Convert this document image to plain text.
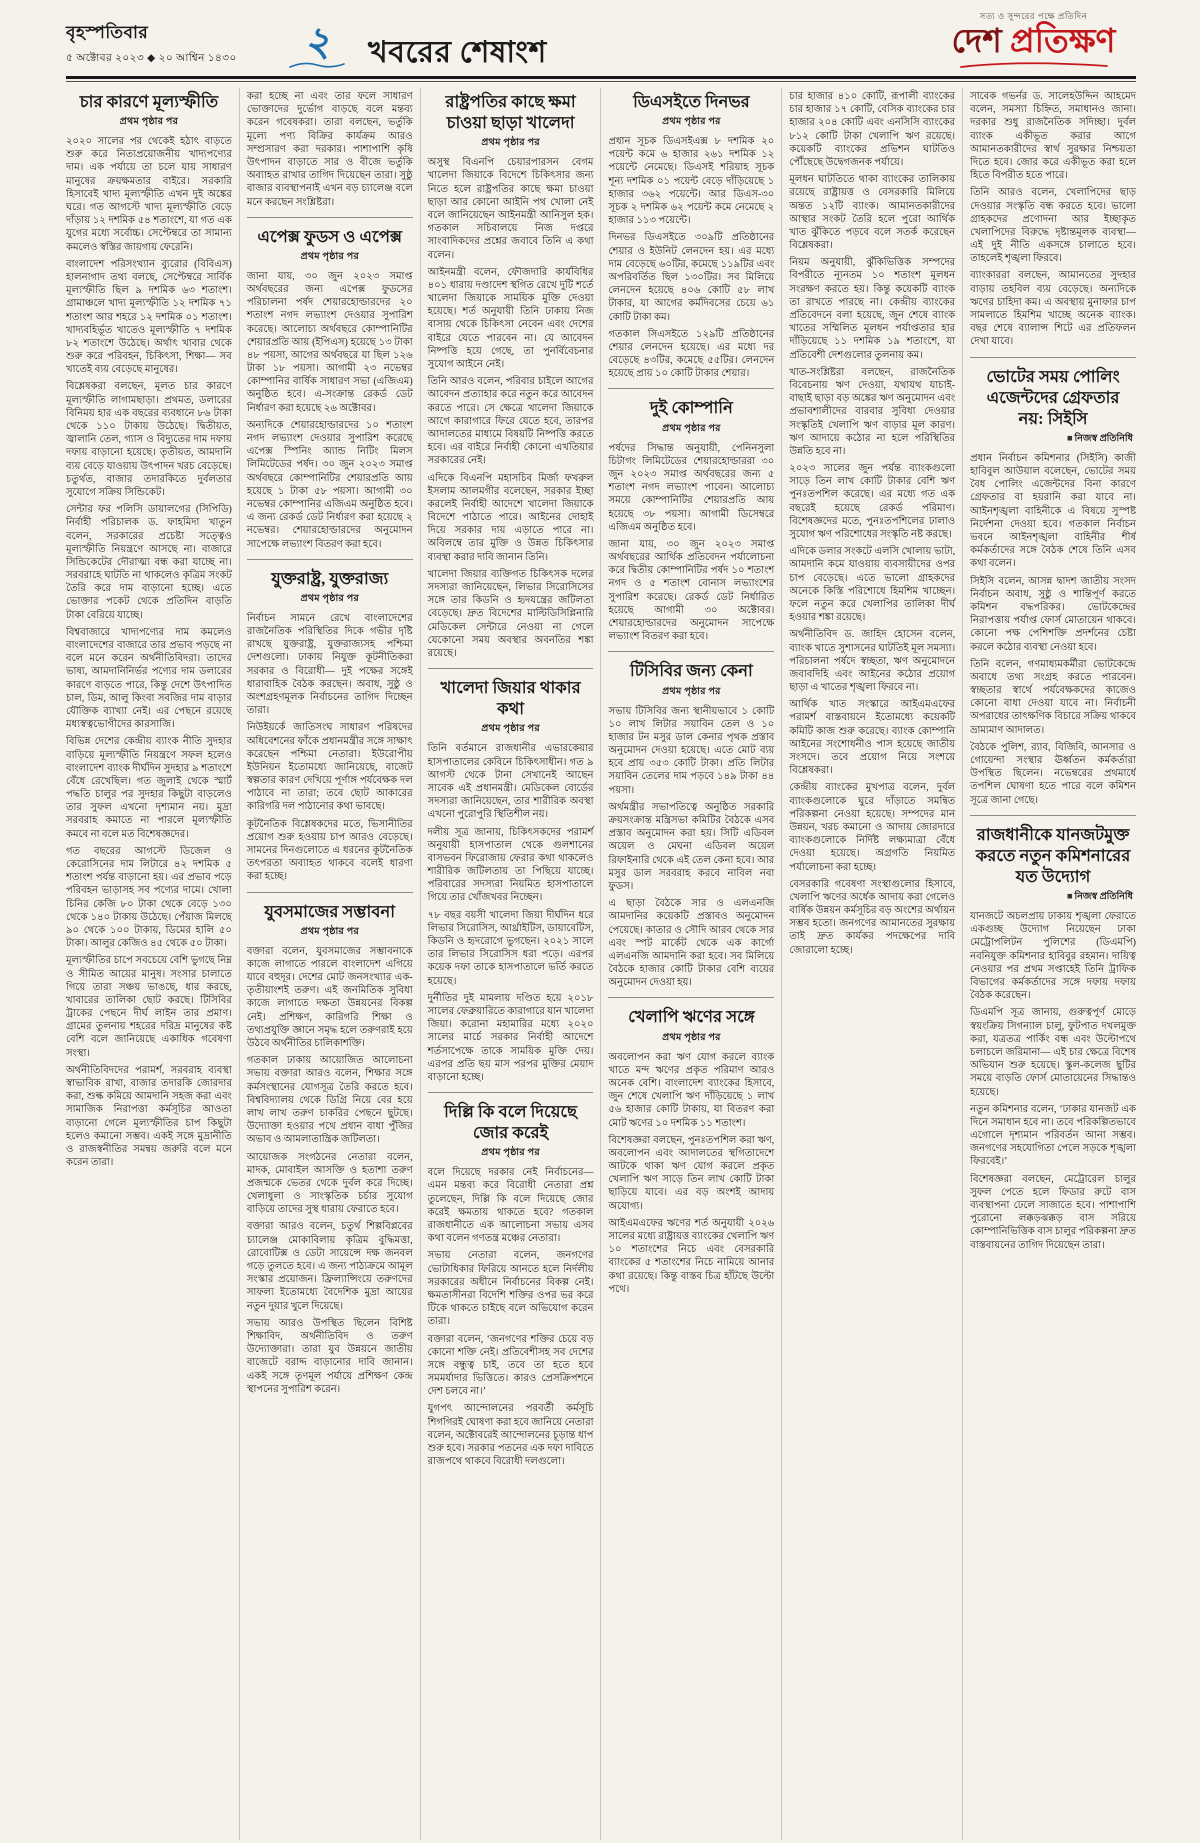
বৃহস্পতিবার
৫ অক্টোবর ২০২৩ ◆ ২০ আশ্বিন ১৪৩০	২	খবরের শেষাংশ
সত্য ও সুন্দরের পক্ষে প্রতিদিন
দেশ প্রতিক্ষণ
চার কারণে মূল্যস্ফীতি
প্রথম পৃষ্ঠার পর

২০২০ সালের পর থেকেই হঠাৎ বাড়তে শুরু করে নিত্যপ্রয়োজনীয় খাদ্যপণ্যের দাম। এক পর্যায়ে তা চলে যায় সাধারণ মানুষের ক্রয়ক্ষমতার বাইরে। সরকারি হিসাবেই খাদ্য মূল্যস্ফীতি এখন দুই অঙ্কের ঘরে। গত আগস্টে খাদ্য মূল্যস্ফীতি বেড়ে দাঁড়ায় ১২ দশমিক ৫৪ শতাংশে, যা গত এক যুগের মধ্যে সর্বোচ্চ। সেপ্টেম্বরে তা সামান্য কমলেও স্বস্তির জায়গায় ফেরেনি।

বাংলাদেশ পরিসংখ্যান ব্যুরোর (বিবিএস) হালনাগাদ তথ্য বলছে, সেপ্টেম্বরে সার্বিক মূল্যস্ফীতি ছিল ৯ দশমিক ৬৩ শতাংশ। গ্রামাঞ্চলে খাদ্য মূল্যস্ফীতি ১২ দশমিক ৭১ শতাংশ আর শহরে ১২ দশমিক ০১ শতাংশ। খাদ্যবহির্ভূত খাতেও মূল্যস্ফীতি ৭ দশমিক ৮২ শতাংশে উঠেছে। অর্থাৎ খাবার থেকে শুরু করে পরিবহন, চিকিৎসা, শিক্ষা— সব খাতেই ব্যয় বেড়েছে মানুষের।

বিশ্লেষকরা বলছেন, মূলত চার কারণে মূল্যস্ফীতি লাগামছাড়া। প্রথমত, ডলারের বিনিময় হার এক বছরের ব্যবধানে ৮৬ টাকা থেকে ১১০ টাকায় উঠেছে। দ্বিতীয়ত, জ্বালানি তেল, গ্যাস ও বিদ্যুতের দাম দফায় দফায় বাড়ানো হয়েছে। তৃতীয়ত, আমদানি ব্যয় বেড়ে যাওয়ায় উৎপাদন খরচ বেড়েছে। চতুর্থত, বাজার তদারকিতে দুর্বলতার সুযোগে সক্রিয় সিন্ডিকেট।

সেন্টার ফর পলিসি ডায়ালগের (সিপিডি) নির্বাহী পরিচালক ড. ফাহমিদা খাতুন বলেন, সরকারের প্রচেষ্টা সত্ত্বেও মূল্যস্ফীতি নিয়ন্ত্রণে আসছে না। বাজারে সিন্ডিকেটের দৌরাত্ম্য বন্ধ করা যাচ্ছে না। সরবরাহে ঘাটতি না থাকলেও কৃত্রিম সংকট তৈরি করে দাম বাড়ানো হচ্ছে। এতে ভোক্তার পকেট থেকে প্রতিদিন বাড়তি টাকা বেরিয়ে যাচ্ছে।

বিশ্ববাজারে খাদ্যপণ্যের দাম কমলেও বাংলাদেশের বাজারে তার প্রভাব পড়ছে না বলে মনে করেন অর্থনীতিবিদরা। তাদের ভাষ্য, আমদানিনির্ভর পণ্যের দাম ডলারের কারণে বাড়তে পারে, কিন্তু দেশে উৎপাদিত চাল, ডিম, আলু কিংবা সবজির দাম বাড়ার যৌক্তিক ব্যাখ্যা নেই। এর পেছনে রয়েছে মধ্যস্বত্বভোগীদের কারসাজি।

বিভিন্ন দেশের কেন্দ্রীয় ব্যাংক নীতি সুদহার বাড়িয়ে মূল্যস্ফীতি নিয়ন্ত্রণে সফল হলেও বাংলাদেশ ব্যাংক দীর্ঘদিন সুদহার ৯ শতাংশে বেঁধে রেখেছিল। গত জুলাই থেকে স্মার্ট পদ্ধতি চালুর পর সুদহার কিছুটা বাড়লেও তার সুফল এখনো দৃশ্যমান নয়। মুদ্রা সরবরাহ কমাতে না পারলে মূল্যস্ফীতি কমবে না বলে মত বিশেষজ্ঞদের।

গত বছরের আগস্টে ডিজেল ও কেরোসিনের দাম লিটারে ৪২ দশমিক ৫ শতাংশ পর্যন্ত বাড়ানো হয়। এর প্রভাব পড়ে পরিবহন ভাড়াসহ সব পণ্যের দামে। খোলা চিনির কেজি ৮০ টাকা থেকে বেড়ে ১৩০ থেকে ১৪০ টাকায় উঠেছে। পেঁয়াজ মিলছে ৯০ থেকে ১০০ টাকায়, ডিমের হালি ৫০ টাকা। আলুর কেজিও ৪৫ থেকে ৫০ টাকা।

মূল্যস্ফীতির চাপে সবচেয়ে বেশি ভুগছে নিম্ন ও সীমিত আয়ের মানুষ। সংসার চালাতে গিয়ে তারা সঞ্চয় ভাঙছে, ধার করছে, খাবারের তালিকা ছোট করছে। টিসিবির ট্রাকের পেছনে দীর্ঘ লাইন তার প্রমাণ। গ্রামের তুলনায় শহরের দরিদ্র মানুষের কষ্ট বেশি বলে জানিয়েছে একাধিক গবেষণা সংস্থা।

অর্থনীতিবিদদের পরামর্শ, সরবরাহ ব্যবস্থা স্বাভাবিক রাখা, বাজার তদারকি জোরদার করা, শুল্ক কমিয়ে আমদানি সহজ করা এবং সামাজিক নিরাপত্তা কর্মসূচির আওতা বাড়ানো গেলে মূল্যস্ফীতির চাপ কিছুটা হলেও কমানো সম্ভব। একই সঙ্গে মুদ্রানীতি ও রাজস্বনীতির সমন্বয় জরুরি বলে মনে করেন তারা।

করা হচ্ছে না এবং তার ফলে সাধারণ ভোক্তাদের দুর্ভোগ বাড়ছে বলে মন্তব্য করেন গবেষকরা। তারা বলছেন, ভর্তুকি মূল্যে পণ্য বিক্রির কার্যক্রম আরও সম্প্রসারণ করা দরকার। পাশাপাশি কৃষি উৎপাদন বাড়াতে সার ও বীজে ভর্তুকি অব্যাহত রাখার তাগিদ দিয়েছেন তারা। সুষ্ঠু বাজার ব্যবস্থাপনাই এখন বড় চ্যালেঞ্জ বলে মনে করছেন সংশ্লিষ্টরা।

এপেক্স ফুডস ও এপেক্স
প্রথম পৃষ্ঠার পর

জানা যায়, ৩০ জুন ২০২৩ সমাপ্ত অর্থবছরের জন্য এপেক্স ফুডসের পরিচালনা পর্ষদ শেয়ারহোল্ডারদের ২০ শতাংশ নগদ লভ্যাংশ দেওয়ার সুপারিশ করেছে। আলোচ্য অর্থবছরে কোম্পানিটির শেয়ারপ্রতি আয় (ইপিএস) হয়েছে ১৩ টাকা ৪৮ পয়সা, আগের অর্থবছরে যা ছিল ১২৬ টাকা ১৮ পয়সা। আগামী ২৩ নভেম্বর কোম্পানির বার্ষিক সাধারণ সভা (এজিএম) অনুষ্ঠিত হবে। এ-সংক্রান্ত রেকর্ড ডেট নির্ধারণ করা হয়েছে ২৬ অক্টোবর।

অন্যদিকে শেয়ারহোল্ডারদের ১০ শতাংশ নগদ লভ্যাংশ দেওয়ার সুপারিশ করেছে এপেক্স স্পিনিং অ্যান্ড নিটিং মিলস লিমিটেডের পর্ষদ। ৩০ জুন ২০২৩ সমাপ্ত অর্থবছরে কোম্পানিটির শেয়ারপ্রতি আয় হয়েছে ১ টাকা ৫৮ পয়সা। আগামী ৩০ নভেম্বর কোম্পানির এজিএম অনুষ্ঠিত হবে। এ জন্য রেকর্ড ডেট নির্ধারণ করা হয়েছে ২ নভেম্বর। শেয়ারহোল্ডারদের অনুমোদন সাপেক্ষে লভ্যাংশ বিতরণ করা হবে।

যুক্তরাষ্ট্র, যুক্তরাজ্য
প্রথম পৃষ্ঠার পর

নির্বাচন সামনে রেখে বাংলাদেশের রাজনৈতিক পরিস্থিতির দিকে গভীর দৃষ্টি রাখছে যুক্তরাষ্ট্র, যুক্তরাজ্যসহ পশ্চিমা দেশগুলো। ঢাকায় নিযুক্ত কূটনীতিকরা সরকার ও বিরোধী— দুই পক্ষের সঙ্গেই ধারাবাহিক বৈঠক করছেন। অবাধ, সুষ্ঠু ও অংশগ্রহণমূলক নির্বাচনের তাগিদ দিচ্ছেন তারা।

নিউইয়র্কে জাতিসংঘ সাধারণ পরিষদের অধিবেশনের ফাঁকে প্রধানমন্ত্রীর সঙ্গে সাক্ষাৎ করেছেন পশ্চিমা নেতারা। ইউরোপীয় ইউনিয়ন ইতোমধ্যে জানিয়েছে, বাজেট স্বল্পতার কারণ দেখিয়ে পূর্ণাঙ্গ পর্যবেক্ষক দল পাঠাবে না তারা; তবে ছোট আকারের কারিগরি দল পাঠানোর কথা ভাবছে।

কূটনৈতিক বিশ্লেষকদের মতে, ভিসানীতির প্রয়োগ শুরু হওয়ায় চাপ আরও বেড়েছে। সামনের দিনগুলোতে এ ধরনের কূটনৈতিক তৎপরতা অব্যাহত থাকবে বলেই ধারণা করা হচ্ছে।

যুবসমাজের সম্ভাবনা
প্রথম পৃষ্ঠার পর

বক্তারা বলেন, যুবসমাজের সম্ভাবনাকে কাজে লাগাতে পারলে বাংলাদেশ এগিয়ে যাবে বহুদূর। দেশের মোট জনসংখ্যার এক-তৃতীয়াংশই তরুণ। এই জনমিতিক সুবিধা কাজে লাগাতে দক্ষতা উন্নয়নের বিকল্প নেই। প্রশিক্ষণ, কারিগরি শিক্ষা ও তথ্যপ্রযুক্তি জ্ঞানে সমৃদ্ধ হলে তরুণরাই হয়ে উঠবে অর্থনীতির চালিকাশক্তি।

গতকাল ঢাকায় আয়োজিত আলোচনা সভায় বক্তারা আরও বলেন, শিক্ষার সঙ্গে কর্মসংস্থানের যোগসূত্র তৈরি করতে হবে। বিশ্ববিদ্যালয় থেকে ডিগ্রি নিয়ে বের হয়ে লাখ লাখ তরুণ চাকরির পেছনে ছুটছে। উদ্যোক্তা হওয়ার পথে প্রধান বাধা পুঁজির অভাব ও আমলাতান্ত্রিক জটিলতা।

আয়োজক সংগঠনের নেতারা বলেন, মাদক, মোবাইল আসক্তি ও হতাশা তরুণ প্রজন্মকে ভেতর থেকে দুর্বল করে দিচ্ছে। খেলাধুলা ও সাংস্কৃতিক চর্চার সুযোগ বাড়িয়ে তাদের সুস্থ ধারায় ফেরাতে হবে।

বক্তারা আরও বলেন, চতুর্থ শিল্পবিপ্লবের চ্যালেঞ্জ মোকাবিলায় কৃত্রিম বুদ্ধিমত্তা, রোবোটিক্স ও ডেটা সায়েন্সে দক্ষ জনবল গড়ে তুলতে হবে। এ জন্য পাঠ্যক্রমে আমূল সংস্কার প্রয়োজন। ফ্রিল্যান্সিংয়ে তরুণদের সাফল্য ইতোমধ্যে বৈদেশিক মুদ্রা আয়ের নতুন দুয়ার খুলে দিয়েছে।

সভায় আরও উপস্থিত ছিলেন বিশিষ্ট শিক্ষাবিদ, অর্থনীতিবিদ ও তরুণ উদ্যোক্তারা। তারা যুব উন্নয়নে জাতীয় বাজেটে বরাদ্দ বাড়ানোর দাবি জানান। একই সঙ্গে তৃণমূল পর্যায়ে প্রশিক্ষণ কেন্দ্র স্থাপনের সুপারিশ করেন।

রাষ্ট্রপতির কাছে ক্ষমা চাওয়া ছাড়া খালেদা
প্রথম পৃষ্ঠার পর

অসুস্থ বিএনপি চেয়ারপারসন বেগম খালেদা জিয়াকে বিদেশে চিকিৎসার জন্য নিতে হলে রাষ্ট্রপতির কাছে ক্ষমা চাওয়া ছাড়া আর কোনো আইনি পথ খোলা নেই বলে জানিয়েছেন আইনমন্ত্রী আনিসুল হক। গতকাল সচিবালয়ে নিজ দপ্তরে সাংবাদিকদের প্রশ্নের জবাবে তিনি এ কথা বলেন।

আইনমন্ত্রী বলেন, ফৌজদারি কার্যবিধির ৪০১ ধারায় দণ্ডাদেশ স্থগিত রেখে দুটি শর্তে খালেদা জিয়াকে সাময়িক মুক্তি দেওয়া হয়েছে। শর্ত অনুযায়ী তিনি ঢাকায় নিজ বাসায় থেকে চিকিৎসা নেবেন এবং দেশের বাইরে যেতে পারবেন না। যে আবেদন নিষ্পত্তি হয়ে গেছে, তা পুনর্বিবেচনার সুযোগ আইনে নেই।

তিনি আরও বলেন, পরিবার চাইলে আগের আবেদন প্রত্যাহার করে নতুন করে আবেদন করতে পারে। সে ক্ষেত্রে খালেদা জিয়াকে আগে কারাগারে ফিরে যেতে হবে, তারপর আদালতের মাধ্যমে বিষয়টি নিষ্পত্তি করতে হবে। এর বাইরে নির্বাহী কোনো এখতিয়ার সরকারের নেই।

এদিকে বিএনপি মহাসচিব মির্জা ফখরুল ইসলাম আলমগীর বলেছেন, সরকার ইচ্ছা করলেই নির্বাহী আদেশে খালেদা জিয়াকে বিদেশে পাঠাতে পারে। আইনের দোহাই দিয়ে সরকার দায় এড়াতে পারে না। অবিলম্বে তার মুক্তি ও উন্নত চিকিৎসার ব্যবস্থা করার দাবি জানান তিনি।

খালেদা জিয়ার ব্যক্তিগত চিকিৎসক দলের সদস্যরা জানিয়েছেন, লিভার সিরোসিসের সঙ্গে তার কিডনি ও হৃদযন্ত্রের জটিলতা বেড়েছে। দ্রুত বিদেশের মাল্টিডিসিপ্লিনারি মেডিকেল সেন্টারে নেওয়া না গেলে যেকোনো সময় অবস্থার অবনতির শঙ্কা রয়েছে।

খালেদা জিয়ার থাকার কথা
প্রথম পৃষ্ঠার পর

তিনি বর্তমানে রাজধানীর এভারকেয়ার হাসপাতালের কেবিনে চিকিৎসাধীন। গত ৯ আগস্ট থেকে টানা সেখানেই আছেন সাবেক এই প্রধানমন্ত্রী। মেডিকেল বোর্ডের সদস্যরা জানিয়েছেন, তার শারীরিক অবস্থা এখনো পুরোপুরি স্থিতিশীল নয়।

দলীয় সূত্র জানায়, চিকিৎসকদের পরামর্শ অনুযায়ী হাসপাতাল থেকে গুলশানের বাসভবন ফিরোজায় ফেরার কথা থাকলেও শারীরিক জটিলতায় তা পিছিয়ে যাচ্ছে। পরিবারের সদস্যরা নিয়মিত হাসপাতালে গিয়ে তার খোঁজখবর নিচ্ছেন।

৭৮ বছর বয়সী খালেদা জিয়া দীর্ঘদিন ধরে লিভার সিরোসিস, আর্থ্রাইটিস, ডায়াবেটিস, কিডনি ও হৃদরোগে ভুগছেন। ২০২১ সালে তার লিভার সিরোসিস ধরা পড়ে। এরপর কয়েক দফা তাকে হাসপাতালে ভর্তি করতে হয়েছে।

দুর্নীতির দুই মামলায় দণ্ডিত হয়ে ২০১৮ সালের ফেব্রুয়ারিতে কারাগারে যান খালেদা জিয়া। করোনা মহামারির মধ্যে ২০২০ সালের মার্চে সরকার নির্বাহী আদেশে শর্তসাপেক্ষে তাকে সাময়িক মুক্তি দেয়। এরপর প্রতি ছয় মাস পরপর মুক্তির মেয়াদ বাড়ানো হচ্ছে।

দিল্লি কি বলে দিয়েছে জোর করেই
প্রথম পৃষ্ঠার পর

বলে দিয়েছে দরকার নেই নির্বাচনের— এমন মন্তব্য করে বিরোধী নেতারা প্রশ্ন তুলেছেন, দিল্লি কি বলে দিয়েছে জোর করেই ক্ষমতায় থাকতে হবে? গতকাল রাজধানীতে এক আলোচনা সভায় এসব কথা বলেন গণতন্ত্র মঞ্চের নেতারা।

সভায় নেতারা বলেন, জনগণের ভোটাধিকার ফিরিয়ে আনতে হলে নির্দলীয় সরকারের অধীনে নির্বাচনের বিকল্প নেই। ক্ষমতাসীনরা বিদেশি শক্তির ওপর ভর করে টিকে থাকতে চাইছে বলে অভিযোগ করেন তারা।

বক্তারা বলেন, ‘জনগণের শক্তির চেয়ে বড় কোনো শক্তি নেই। প্রতিবেশীসহ সব দেশের সঙ্গে বন্ধুত্ব চাই, তবে তা হতে হবে সমমর্যাদার ভিত্তিতে। কারও প্রেসক্রিপশনে দেশ চলবে না।’

যুগপৎ আন্দোলনের পরবর্তী কর্মসূচি শিগগিরই ঘোষণা করা হবে জানিয়ে নেতারা বলেন, অক্টোবরেই আন্দোলনের চূড়ান্ত ধাপ শুরু হবে। সরকার পতনের এক দফা দাবিতে রাজপথে থাকবে বিরোধী দলগুলো।

ডিএসইতে দিনভর
প্রথম পৃষ্ঠার পর

প্রধান সূচক ডিএসইএক্স ৮ দশমিক ২০ পয়েন্ট কমে ৬ হাজার ২৬১ দশমিক ১২ পয়েন্টে নেমেছে। ডিএসই শরিয়াহ সূচক শূন্য দশমিক ০১ পয়েন্ট বেড়ে দাঁড়িয়েছে ১ হাজার ৩৬২ পয়েন্টে। আর ডিএস-৩০ সূচক ২ দশমিক ৬২ পয়েন্ট কমে নেমেছে ২ হাজার ১১৩ পয়েন্টে।

দিনভর ডিএসইতে ৩০৯টি প্রতিষ্ঠানের শেয়ার ও ইউনিট লেনদেন হয়। এর মধ্যে দাম বেড়েছে ৬০টির, কমেছে ১১৯টির এবং অপরিবর্তিত ছিল ১৩০টির। সব মিলিয়ে লেনদেন হয়েছে ৪০৬ কোটি ৫৮ লাখ টাকার, যা আগের কর্মদিবসের চেয়ে ৬১ কোটি টাকা কম।

গতকাল সিএসইতে ১২৯টি প্রতিষ্ঠানের শেয়ার লেনদেন হয়েছে। এর মধ্যে দর বেড়েছে ৪৩টির, কমেছে ৫৫টির। লেনদেন হয়েছে প্রায় ১০ কোটি টাকার শেয়ার।

দুই কোম্পানি
প্রথম পৃষ্ঠার পর

পর্ষদের সিদ্ধান্ত অনুযায়ী, পেনিনসুলা চিটাগং লিমিটেডের শেয়ারহোল্ডাররা ৩০ জুন ২০২৩ সমাপ্ত অর্থবছরের জন্য ৫ শতাংশ নগদ লভ্যাংশ পাবেন। আলোচ্য সময়ে কোম্পানিটির শেয়ারপ্রতি আয় হয়েছে ৩৮ পয়সা। আগামী ডিসেম্বরে এজিএম অনুষ্ঠিত হবে।

জানা যায়, ৩০ জুন ২০২৩ সমাপ্ত অর্থবছরের আর্থিক প্রতিবেদন পর্যালোচনা করে দ্বিতীয় কোম্পানিটির পর্ষদ ১০ শতাংশ নগদ ও ৫ শতাংশ বোনাস লভ্যাংশের সুপারিশ করেছে। রেকর্ড ডেট নির্ধারিত হয়েছে আগামী ৩০ অক্টোবর। শেয়ারহোল্ডারদের অনুমোদন সাপেক্ষে লভ্যাংশ বিতরণ করা হবে।

টিসিবির জন্য কেনা
প্রথম পৃষ্ঠার পর

সভায় টিসিবির জন্য স্থানীয়ভাবে ১ কোটি ১০ লাখ লিটার সয়াবিন তেল ও ১০ হাজার টন মসুর ডাল কেনার পৃথক প্রস্তাব অনুমোদন দেওয়া হয়েছে। এতে মোট ব্যয় হবে প্রায় ৩৫৩ কোটি টাকা। প্রতি লিটার সয়াবিন তেলের দাম পড়বে ১৪৯ টাকা ৪৪ পয়সা।

অর্থমন্ত্রীর সভাপতিত্বে অনুষ্ঠিত সরকারি ক্রয়সংক্রান্ত মন্ত্রিসভা কমিটির বৈঠকে এসব প্রস্তাব অনুমোদন করা হয়। সিটি এডিবল অয়েল ও মেঘনা এডিবল অয়েল রিফাইনারি থেকে এই তেল কেনা হবে। আর মসুর ডাল সরবরাহ করবে নাবিল নবা ফুডস।

এ ছাড়া বৈঠকে সার ও এলএনজি আমদানির কয়েকটি প্রস্তাবও অনুমোদন পেয়েছে। কাতার ও সৌদি আরব থেকে সার এবং স্পট মার্কেট থেকে এক কার্গো এলএনজি আমদানি করা হবে। সব মিলিয়ে বৈঠকে হাজার কোটি টাকার বেশি ব্যয়ের অনুমোদন দেওয়া হয়।

খেলাপি ঋণের সঙ্গে
প্রথম পৃষ্ঠার পর

অবলোপন করা ঋণ যোগ করলে ব্যাংক খাতে মন্দ ঋণের প্রকৃত পরিমাণ আরও অনেক বেশি। বাংলাদেশ ব্যাংকের হিসাবে, জুন শেষে খেলাপি ঋণ দাঁড়িয়েছে ১ লাখ ৫৬ হাজার কোটি টাকায়, যা বিতরণ করা মোট ঋণের ১০ দশমিক ১১ শতাংশ।

বিশেষজ্ঞরা বলছেন, পুনঃতপশিল করা ঋণ, অবলোপন এবং আদালতের স্থগিতাদেশে আটকে থাকা ঋণ যোগ করলে প্রকৃত খেলাপি ঋণ সাড়ে তিন লাখ কোটি টাকা ছাড়িয়ে যাবে। এর বড় অংশই আদায় অযোগ্য।

আইএমএফের ঋণের শর্ত অনুযায়ী ২০২৬ সালের মধ্যে রাষ্ট্রায়ত্ত ব্যাংকের খেলাপি ঋণ ১০ শতাংশের নিচে এবং বেসরকারি ব্যাংকের ৫ শতাংশের নিচে নামিয়ে আনার কথা রয়েছে। কিন্তু বাস্তব চিত্র হাঁটছে উল্টো পথে।

চার হাজার ৪১০ কোটি, রূপালী ব্যাংকের চার হাজার ১৭ কোটি, বেসিক ব্যাংকের চার হাজার ২০৪ কোটি এবং এনসিসি ব্যাংকের ৮১২ কোটি টাকা খেলাপি ঋণ রয়েছে। কয়েকটি ব্যাংকের প্রভিশন ঘাটতিও পৌঁছেছে উদ্বেগজনক পর্যায়ে।

মূলধন ঘাটতিতে থাকা ব্যাংকের তালিকায় রয়েছে রাষ্ট্রায়ত্ত ও বেসরকারি মিলিয়ে অন্তত ১২টি ব্যাংক। আমানতকারীদের আস্থার সংকট তৈরি হলে পুরো আর্থিক খাত ঝুঁকিতে পড়বে বলে সতর্ক করেছেন বিশ্লেষকরা।

নিয়ম অনুযায়ী, ঝুঁকিভিত্তিক সম্পদের বিপরীতে ন্যূনতম ১০ শতাংশ মূলধন সংরক্ষণ করতে হয়। কিন্তু কয়েকটি ব্যাংক তা রাখতে পারছে না। কেন্দ্রীয় ব্যাংকের প্রতিবেদনে বলা হয়েছে, জুন শেষে ব্যাংক খাতের সম্মিলিত মূলধন পর্যাপ্ততার হার দাঁড়িয়েছে ১১ দশমিক ১৯ শতাংশে, যা প্রতিবেশী দেশগুলোর তুলনায় কম।

খাত-সংশ্লিষ্টরা বলছেন, রাজনৈতিক বিবেচনায় ঋণ দেওয়া, যথাযথ যাচাই-বাছাই ছাড়া বড় অঙ্কের ঋণ অনুমোদন এবং প্রভাবশালীদের বারবার সুবিধা দেওয়ার সংস্কৃতিই খেলাপি ঋণ বাড়ার মূল কারণ। ঋণ আদায়ে কঠোর না হলে পরিস্থিতির উন্নতি হবে না।

২০২৩ সালের জুন পর্যন্ত ব্যাংকগুলো সাড়ে তিন লাখ কোটি টাকার বেশি ঋণ পুনঃতপশিল করেছে। এর মধ্যে গত এক বছরেই হয়েছে রেকর্ড পরিমাণ। বিশেষজ্ঞদের মতে, পুনঃতপশিলের ঢালাও সুযোগ ঋণ পরিশোধের সংস্কৃতি নষ্ট করছে।

এদিকে ডলার সংকটে এলসি খোলায় ভাটা, আমদানি কমে যাওয়ায় ব্যবসায়ীদের ওপর চাপ বেড়েছে। এতে ভালো গ্রাহকদের অনেকে কিস্তি পরিশোধে হিমশিম খাচ্ছেন। ফলে নতুন করে খেলাপির তালিকা দীর্ঘ হওয়ার শঙ্কা রয়েছে।

অর্থনীতিবিদ ড. জাহিদ হোসেন বলেন, ব্যাংক খাতে সুশাসনের ঘাটতিই মূল সমস্যা। পরিচালনা পর্ষদে স্বচ্ছতা, ঋণ অনুমোদনে জবাবদিহি এবং আইনের কঠোর প্রয়োগ ছাড়া এ খাতের শৃঙ্খলা ফিরবে না।

আর্থিক খাত সংস্কারে আইএমএফের পরামর্শ বাস্তবায়নে ইতোমধ্যে কয়েকটি কমিটি কাজ শুরু করেছে। ব্যাংক কোম্পানি আইনের সংশোধনীও পাস হয়েছে জাতীয় সংসদে। তবে প্রয়োগ নিয়ে সংশয়ে বিশ্লেষকরা।

কেন্দ্রীয় ব্যাংকের মুখপাত্র বলেন, দুর্বল ব্যাংকগুলোকে ঘুরে দাঁড়াতে সমন্বিত পরিকল্পনা নেওয়া হয়েছে। সম্পদের মান উন্নয়ন, খরচ কমানো ও আদায় জোরদারে ব্যাংকগুলোকে নির্দিষ্ট লক্ষ্যমাত্রা বেঁধে দেওয়া হয়েছে। অগ্রগতি নিয়মিত পর্যালোচনা করা হচ্ছে।

বেসরকারি গবেষণা সংস্থাগুলোর হিসাবে, খেলাপি ঋণের অর্ধেক আদায় করা গেলেও বার্ষিক উন্নয়ন কর্মসূচির বড় অংশের অর্থায়ন সম্ভব হতো। জনগণের আমানতের সুরক্ষায় তাই দ্রুত কার্যকর পদক্ষেপের দাবি জোরালো হচ্ছে।

সাবেক গভর্নর ড. সালেহউদ্দিন আহমেদ বলেন, সমস্যা চিহ্নিত, সমাধানও জানা। দরকার শুধু রাজনৈতিক সদিচ্ছা। দুর্বল ব্যাংক একীভূত করার আগে আমানতকারীদের স্বার্থ সুরক্ষার নিশ্চয়তা দিতে হবে। জোর করে একীভূত করা হলে হিতে বিপরীত হতে পারে।

তিনি আরও বলেন, খেলাপিদের ছাড় দেওয়ার সংস্কৃতি বন্ধ করতে হবে। ভালো গ্রাহকদের প্রণোদনা আর ইচ্ছাকৃত খেলাপিদের বিরুদ্ধে দৃষ্টান্তমূলক ব্যবস্থা— এই দুই নীতি একসঙ্গে চালাতে হবে। তাহলেই শৃঙ্খলা ফিরবে।

ব্যাংকাররা বলছেন, আমানতের সুদহার বাড়ায় তহবিল ব্যয় বেড়েছে। অন্যদিকে ঋণের চাহিদা কম। এ অবস্থায় মুনাফার চাপ সামলাতে হিমশিম খাচ্ছে অনেক ব্যাংক। বছর শেষে ব্যালান্স শিটে এর প্রতিফলন দেখা যাবে।

ভোটের সময় পোলিং এজেন্টদের গ্রেফতার নয়: সিইসি
◼ নিজস্ব প্রতিনিধি

প্রধান নির্বাচন কমিশনার (সিইসি) কাজী হাবিবুল আউয়াল বলেছেন, ভোটের সময় বৈধ পোলিং এজেন্টদের বিনা কারণে গ্রেফতার বা হয়রানি করা যাবে না। আইনশৃঙ্খলা বাহিনীকে এ বিষয়ে সুস্পষ্ট নির্দেশনা দেওয়া হবে। গতকাল নির্বাচন ভবনে আইনশৃঙ্খলা বাহিনীর শীর্ষ কর্মকর্তাদের সঙ্গে বৈঠক শেষে তিনি এসব কথা বলেন।

সিইসি বলেন, আসন্ন দ্বাদশ জাতীয় সংসদ নির্বাচন অবাধ, সুষ্ঠু ও শান্তিপূর্ণ করতে কমিশন বদ্ধপরিকর। ভোটকেন্দ্রের নিরাপত্তায় পর্যাপ্ত ফোর্স মোতায়েন থাকবে। কোনো পক্ষ পেশিশক্তি প্রদর্শনের চেষ্টা করলে কঠোর ব্যবস্থা নেওয়া হবে।

তিনি বলেন, গণমাধ্যমকর্মীরা ভোটকেন্দ্রে অবাধে তথ্য সংগ্রহ করতে পারবেন। স্বচ্ছতার স্বার্থে পর্যবেক্ষকদের কাজেও কোনো বাধা দেওয়া যাবে না। নির্বাচনী অপরাধের তাৎক্ষণিক বিচারে সক্রিয় থাকবে ভ্রাম্যমাণ আদালত।

বৈঠকে পুলিশ, র‍্যাব, বিজিবি, আনসার ও গোয়েন্দা সংস্থার ঊর্ধ্বতন কর্মকর্তারা উপস্থিত ছিলেন। নভেম্বরের প্রথমার্ধে তপশিল ঘোষণা হতে পারে বলে কমিশন সূত্রে জানা গেছে।

রাজধানীকে যানজটমুক্ত করতে নতুন কমিশনারের যত উদ্যোগ
◼ নিজস্ব প্রতিনিধি

যানজটে অচলপ্রায় ঢাকায় শৃঙ্খলা ফেরাতে একগুচ্ছ উদ্যোগ নিয়েছেন ঢাকা মেট্রোপলিটন পুলিশের (ডিএমপি) নবনিযুক্ত কমিশনার হাবিবুর রহমান। দায়িত্ব নেওয়ার পর প্রথম সপ্তাহেই তিনি ট্রাফিক বিভাগের কর্মকর্তাদের সঙ্গে দফায় দফায় বৈঠক করেছেন।

ডিএমপি সূত্র জানায়, গুরুত্বপূর্ণ মোড়ে স্বয়ংক্রিয় সিগন্যাল চালু, ফুটপাত দখলমুক্ত করা, যত্রতত্র পার্কিং বন্ধ এবং উল্টোপথে চলাচলে জরিমানা— এই চার ক্ষেত্রে বিশেষ অভিযান শুরু হয়েছে। স্কুল-কলেজ ছুটির সময়ে বাড়তি ফোর্স মোতায়েনের সিদ্ধান্তও হয়েছে।

নতুন কমিশনার বলেন, ‘ঢাকার যানজট এক দিনে সমাধান হবে না। তবে পরিকল্পিতভাবে এগোলে দৃশ্যমান পরিবর্তন আনা সম্ভব। জনগণের সহযোগিতা পেলে সড়কে শৃঙ্খলা ফিরবেই।’

বিশেষজ্ঞরা বলছেন, মেট্রোরেল চালুর সুফল পেতে হলে ফিডার রুটে বাস ব্যবস্থাপনা ঢেলে সাজাতে হবে। পাশাপাশি পুরোনো লক্কড়ঝক্কড় বাস সরিয়ে কোম্পানিভিত্তিক বাস চালুর পরিকল্পনা দ্রুত বাস্তবায়নের তাগিদ দিয়েছেন তারা।
